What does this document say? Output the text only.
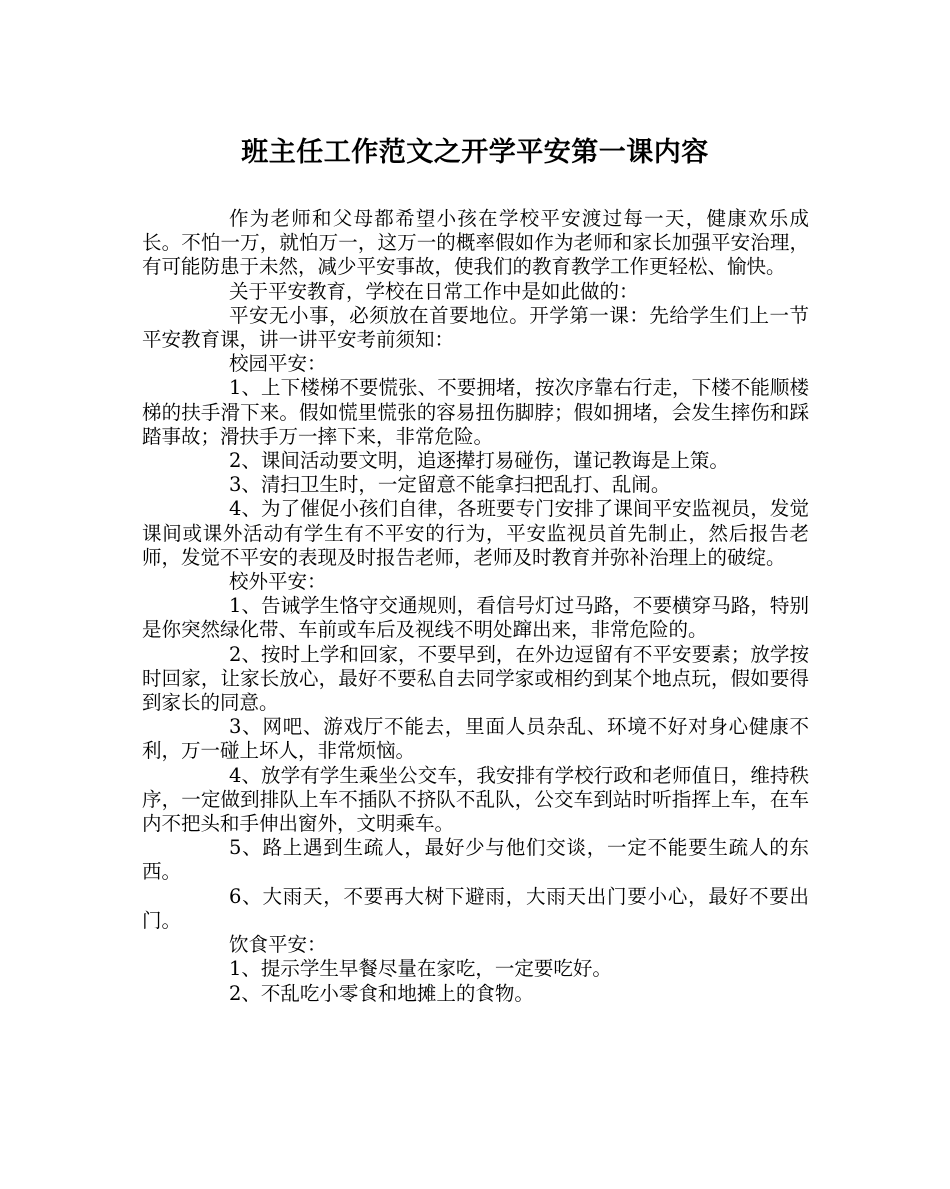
班主任工作范文之开学平安第一课内容

作为老师和父母都希望小孩在学校平安渡过每一天，健康欢乐成长。不怕一万，就怕万一，这万一的概率假如作为老师和家长加强平安治理，有可能防患于未然，减少平安事故，使我们的教育教学工作更轻松、愉快。

关于平安教育，学校在日常工作中是如此做的：

平安无小事，必须放在首要地位。开学第一课：先给学生们上一节平安教育课，讲一讲平安考前须知：

校园平安：

1、上下楼梯不要慌张、不要拥堵，按次序靠右行走，下楼不能顺楼梯的扶手滑下来。假如慌里慌张的容易扭伤脚脖；假如拥堵，会发生摔伤和踩踏事故；滑扶手万一摔下来，非常危险。

2、课间活动要文明，追逐撵打易碰伤，谨记教诲是上策。

3、清扫卫生时，一定留意不能拿扫把乱打、乱闹。

4、为了催促小孩们自律，各班要专门安排了课间平安监视员，发觉课间或课外活动有学生有不平安的行为，平安监视员首先制止，然后报告老师，发觉不平安的表现及时报告老师，老师及时教育并弥补治理上的破绽。

校外平安：

1、告诫学生恪守交通规则，看信号灯过马路，不要横穿马路，特别是你突然绿化带、车前或车后及视线不明处蹿出来，非常危险的。

2、按时上学和回家，不要早到，在外边逗留有不平安要素；放学按时回家，让家长放心，最好不要私自去同学家或相约到某个地点玩，假如要得到家长的同意。

3、网吧、游戏厅不能去，里面人员杂乱、环境不好对身心健康不利，万一碰上坏人，非常烦恼。

4、放学有学生乘坐公交车，我安排有学校行政和老师值日，维持秩序，一定做到排队上车不插队不挤队不乱队，公交车到站时听指挥上车，在车内不把头和手伸出窗外，文明乘车。

5、路上遇到生疏人，最好少与他们交谈，一定不能要生疏人的东西。

6、大雨天，不要再大树下避雨，大雨天出门要小心，最好不要出门。

饮食平安：

1、提示学生早餐尽量在家吃，一定要吃好。

2、不乱吃小零食和地摊上的食物。
